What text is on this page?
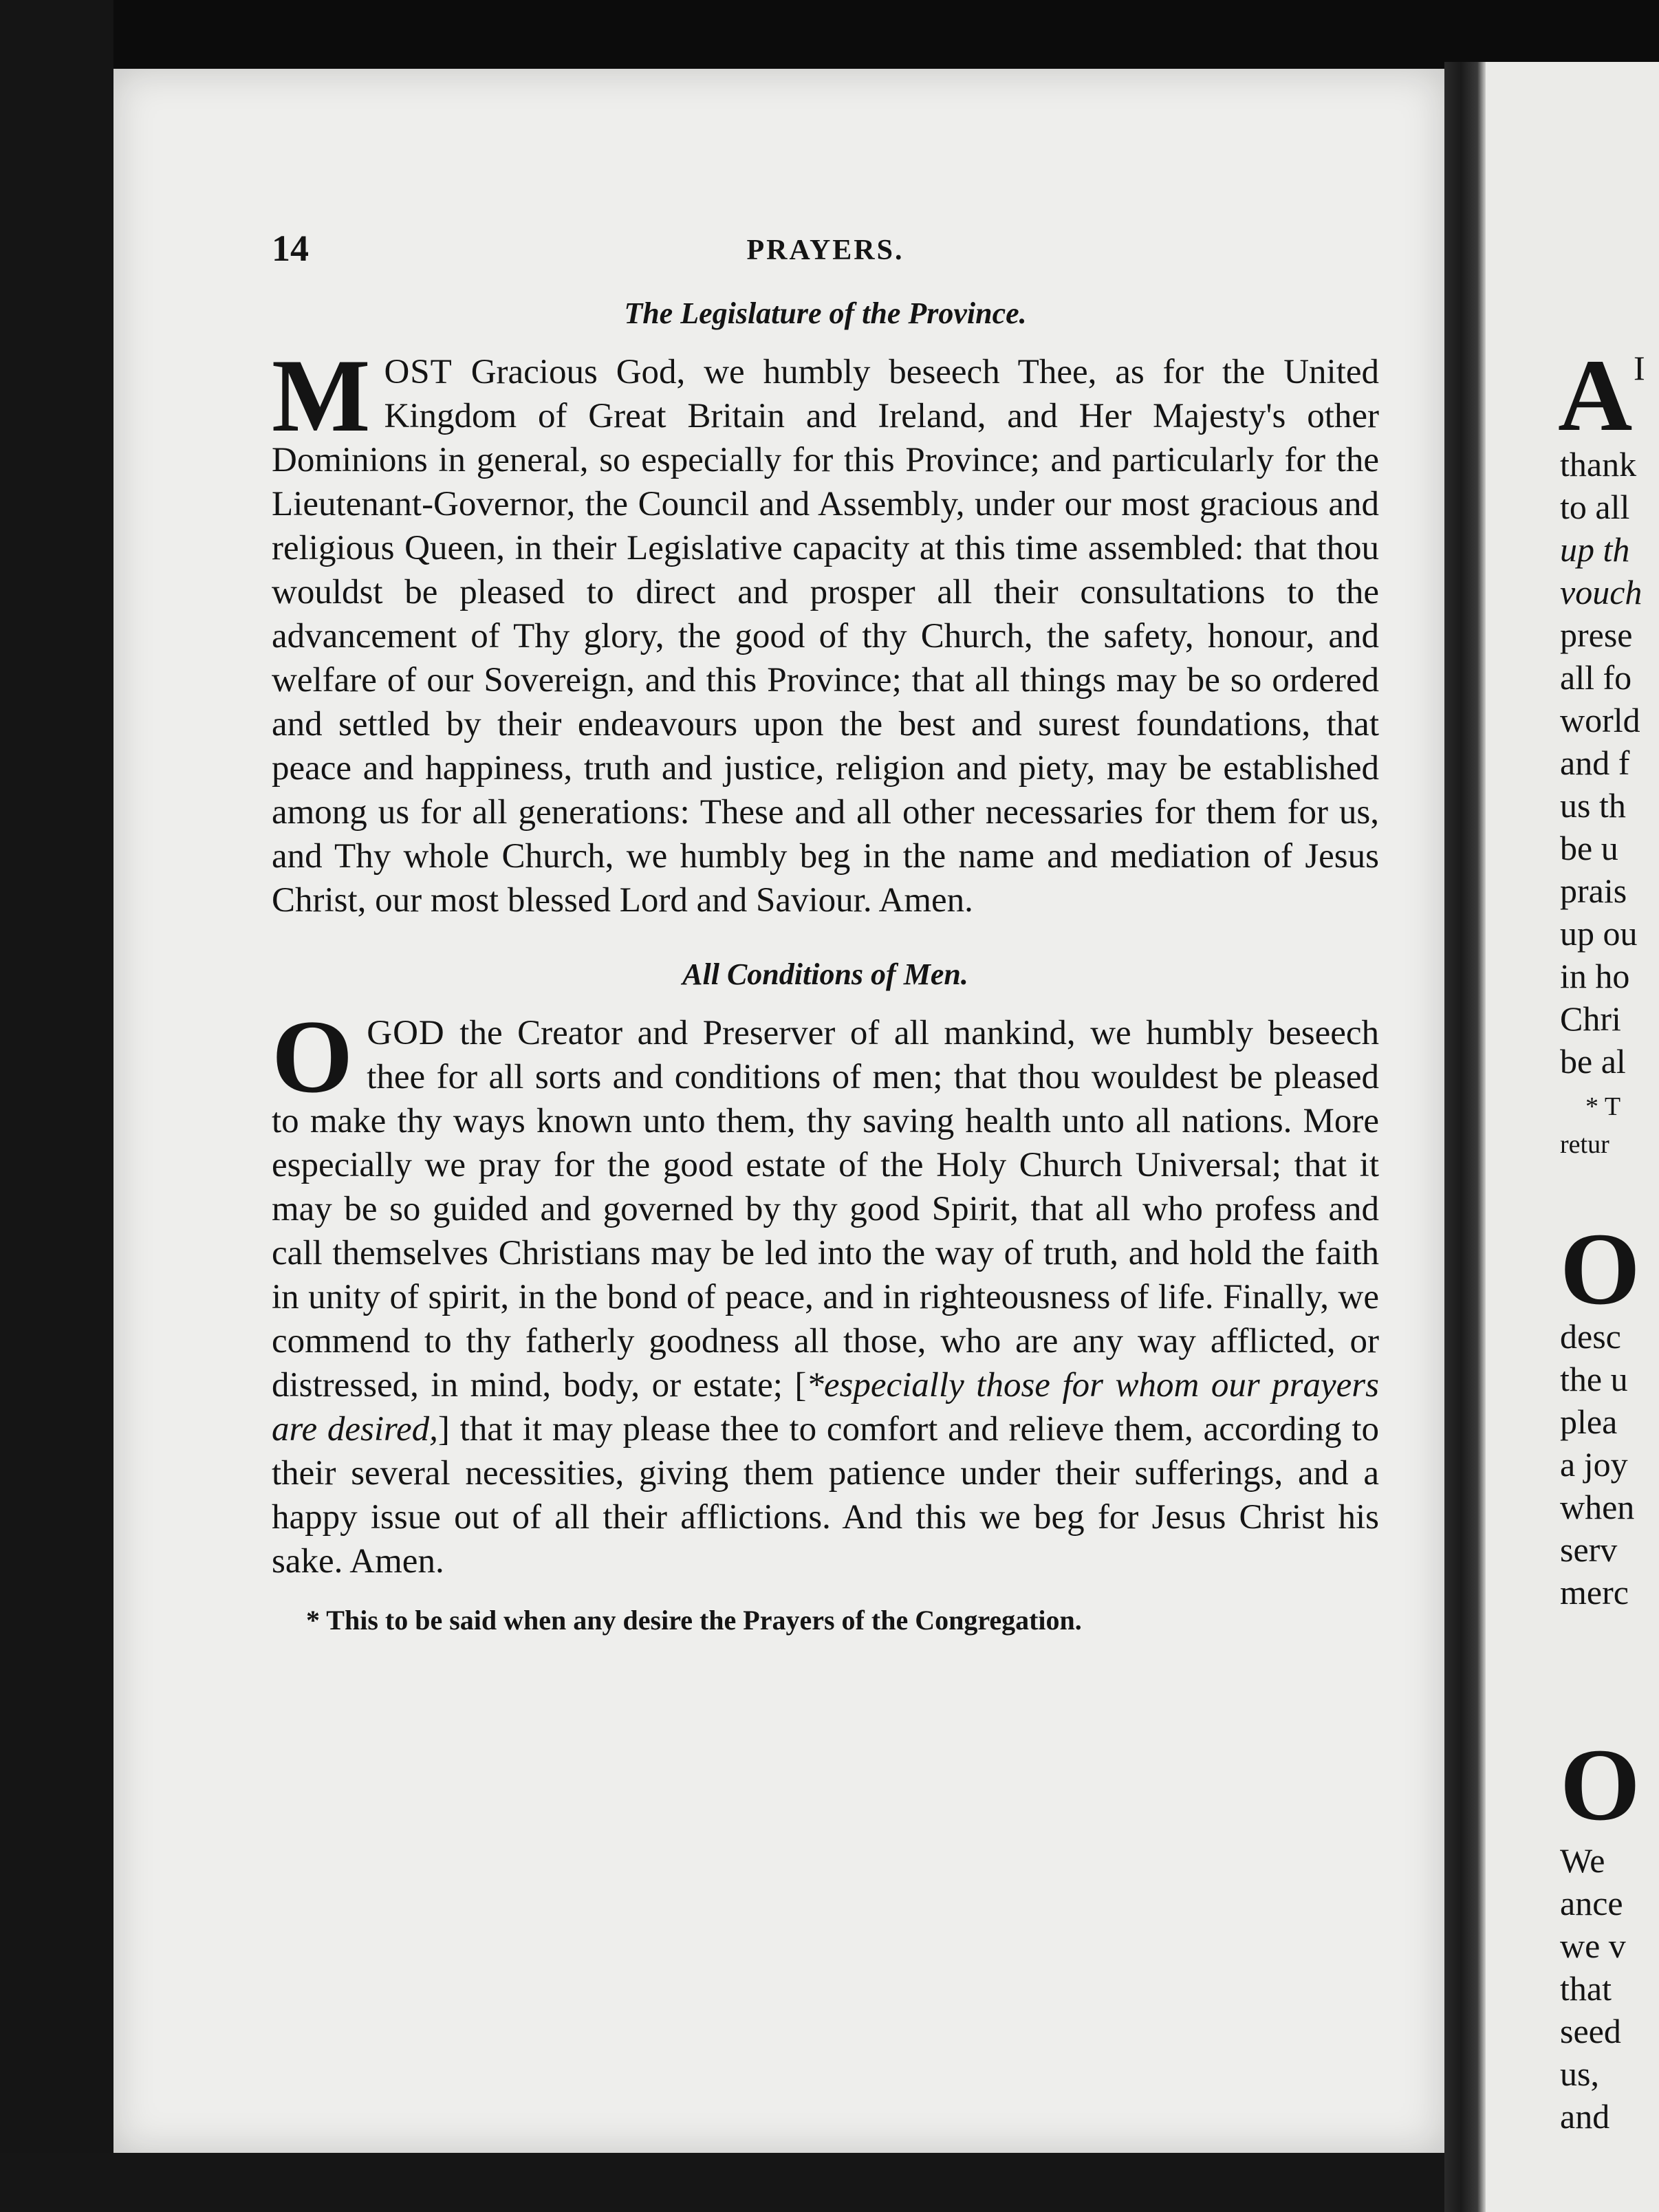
A I
thank
to all
up th
vouch
prese
all fo
world
and f
us th
be u
prais
up ou
in ho
Chri
be al
* T
retur
O
desc
the u
plea
a joy
when
serv
merc
O
We
ance
we v
that
seed
us,
and
14	PRAYERS.
The Legislature of the Province.

MOST Gracious God, we humbly beseech Thee, as for the United Kingdom of Great Britain and Ireland, and Her Majesty's other Dominions in general, so especially for this Province; and particularly for the Lieutenant-Governor, the Council and Assembly, under our most gracious and religious Queen, in their Legislative capacity at this time assembled: that thou wouldst be pleased to direct and prosper all their consultations to the advancement of Thy glory, the good of thy Church, the safety, honour, and welfare of our Sovereign, and this Province; that all things may be so ordered and settled by their endeavours upon the best and surest foundations, that peace and happiness, truth and justice, religion and piety, may be established among us for all generations: These and all other necessaries for them for us, and Thy whole Church, we humbly beg in the name and mediation of Jesus Christ, our most blessed Lord and Saviour. Amen.

All Conditions of Men.

OGOD the Creator and Preserver of all mankind, we humbly beseech thee for all sorts and conditions of men; that thou wouldest be pleased to make thy ways known unto them, thy saving health unto all nations. More especially we pray for the good estate of the Holy Church Universal; that it may be so guided and governed by thy good Spirit, that all who profess and call themselves Christians may be led into the way of truth, and hold the faith in unity of spirit, in the bond of peace, and in righteousness of life. Finally, we commend to thy fatherly goodness all those, who are any way afflicted, or distressed, in mind, body, or estate; [*especially those for whom our prayers are desired,] that it may please thee to comfort and relieve them, according to their several necessities, giving them patience under their sufferings, and a happy issue out of all their afflictions. And this we beg for Jesus Christ his sake. Amen.

* This to be said when any desire the Prayers of the Congregation.
